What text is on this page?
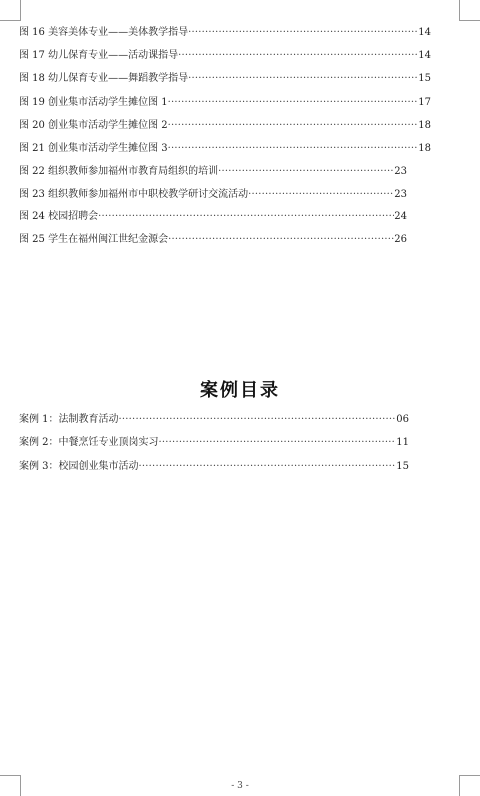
图 16 美容美体专业——美体教学指导 ·····	14
图 17 幼儿保育专业——活动课指导 ·····	14
图 18 幼儿保育专业——舞蹈教学指导 ·····	15
图 19 创业集市活动学生摊位图 1 ·····	17
图 20 创业集市活动学生摊位图 2 ·····	18
图 21 创业集市活动学生摊位图 3 ·····	18
图 22 组织教师参加福州市教育局组织的培训 ·····	23
图 23 组织教师参加福州市中职校教学研讨交流活动 ·····	23
图 24 校园招聘会 ·····	24
图 25 学生在福州闽江世纪金源会 ·····	26
案例目录
案例 1：法制教育活动 ·····	06
案例 2：中餐烹饪专业顶岗实习 ·····	11
案例 3：校园创业集市活动 ·····	15
- 3 -
